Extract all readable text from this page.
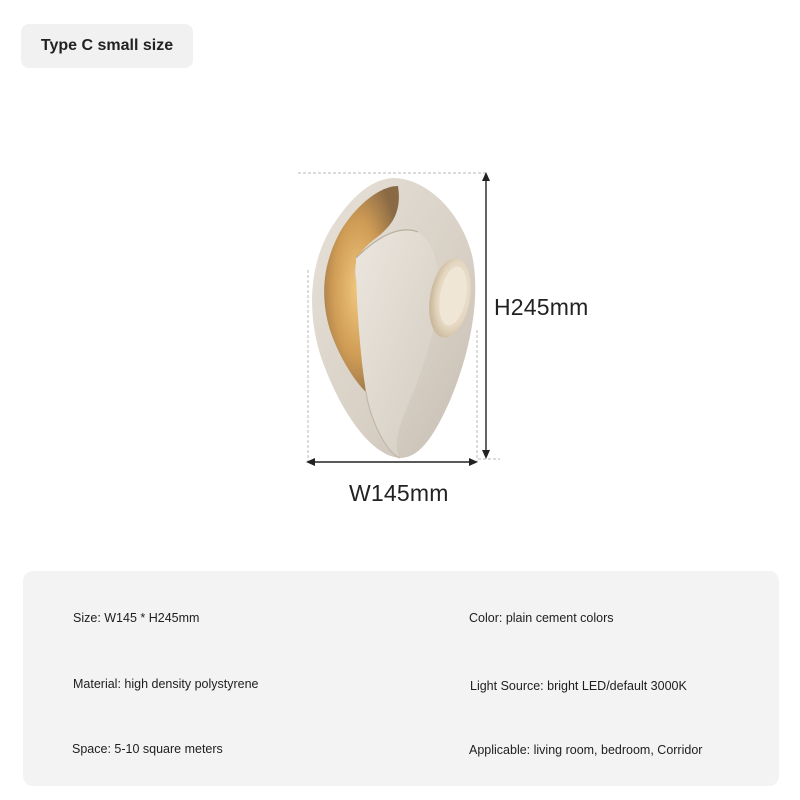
Type C small size
H245mm
W145mm
Size: W145 * H245mm	Color: plain cement colors
Material: high density polystyrene	Light Source: bright LED/default 3000K
Space: 5-10 square meters	Applicable: living room, bedroom, Corridor
